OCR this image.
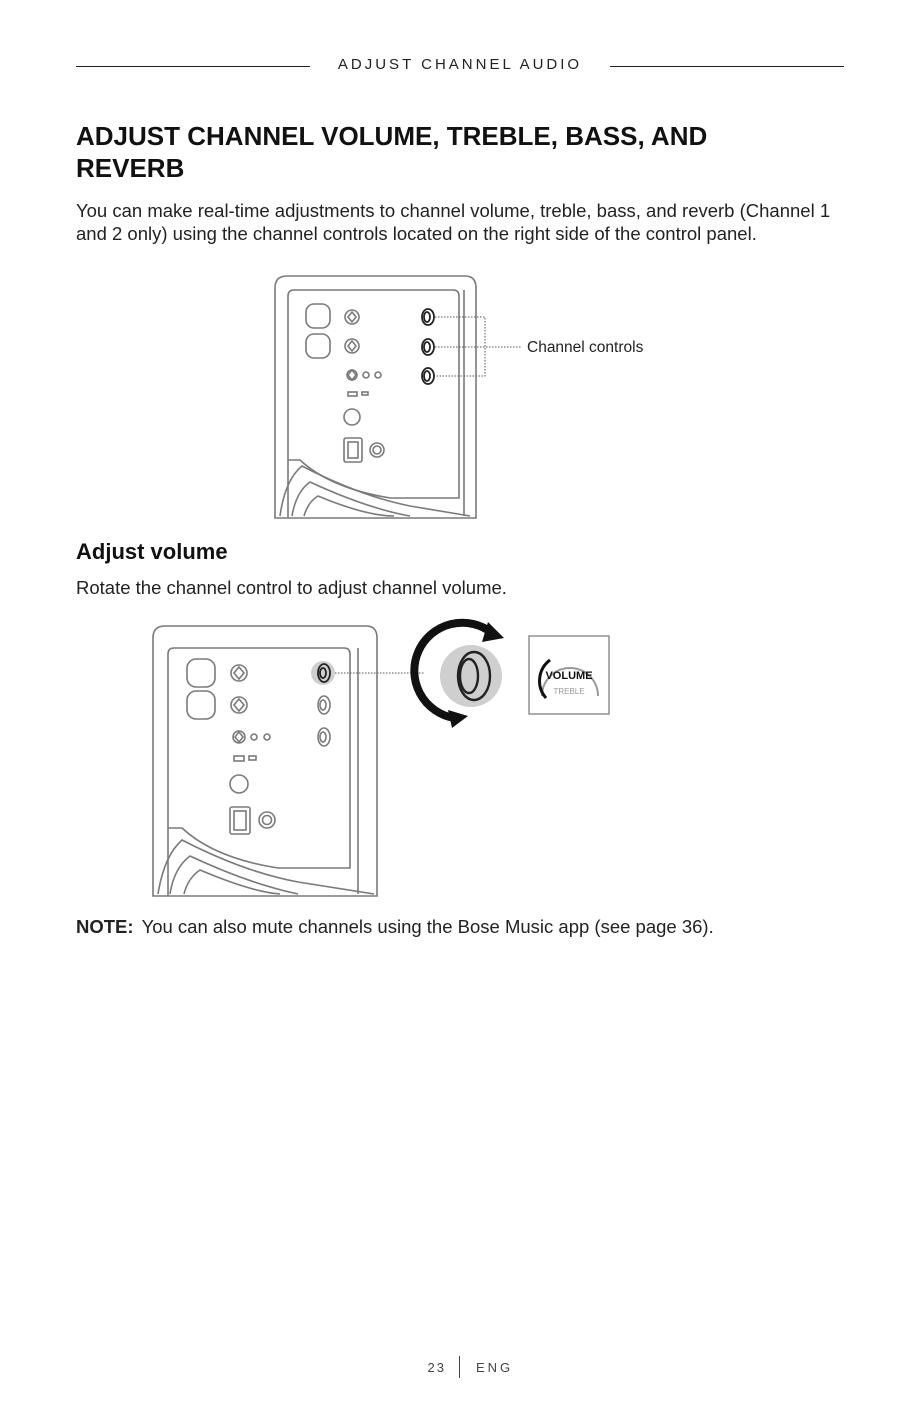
ADJUST CHANNEL AUDIO
ADJUST CHANNEL VOLUME, TREBLE, BASS, AND REVERB

You can make real-time adjustments to channel volume, treble, bass, and reverb (Channel 1 and 2 only) using the channel controls located on the right side of the control panel.

Channel controls
Adjust volume

Rotate the channel control to adjust channel volume.

VOLUME
TREBLE

NOTE: You can also mute channels using the Bose Music app (see page 36).

23 ENG
